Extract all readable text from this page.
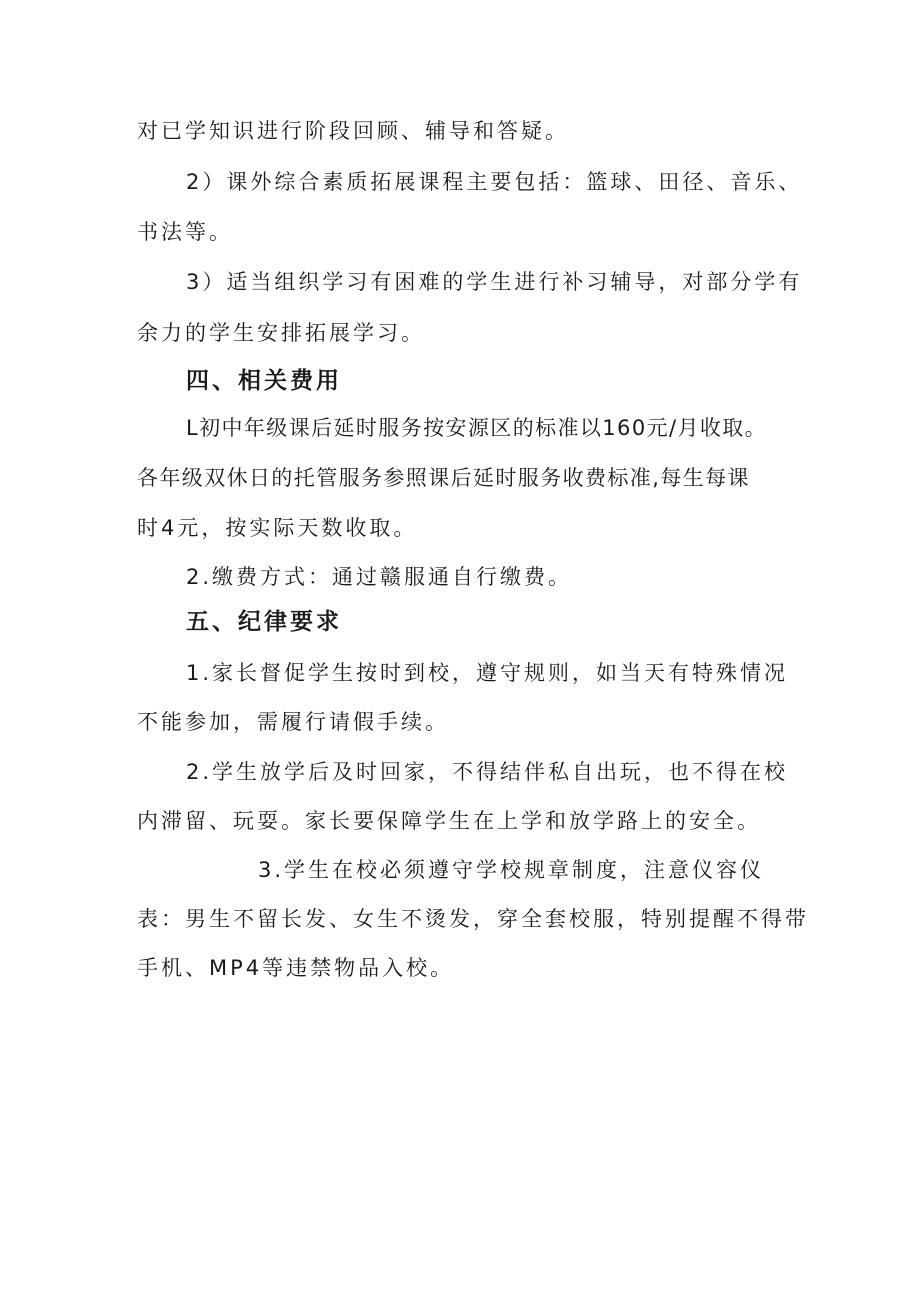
对已学知识进行阶段回顾、辅导和答疑。
2）课外综合素质拓展课程主要包括：篮球、田径、音乐、
书法等。
3）适当组织学习有困难的学生进行补习辅导，对部分学有
余力的学生安排拓展学习。
四、相关费用
L初中年级课后延时服务按安源区的标准以160元/月收取。
各年级双休日的托管服务参照课后延时服务收费标准,每生每课
时4元，按实际天数收取。
2.缴费方式：通过赣服通自行缴费。
五、纪律要求
1.家长督促学生按时到校，遵守规则，如当天有特殊情况
不能参加，需履行请假手续。
2.学生放学后及时回家，不得结伴私自出玩，也不得在校
内滞留、玩耍。家长要保障学生在上学和放学路上的安全。
3.学生在校必须遵守学校规章制度，注意仪容仪
表：男生不留长发、女生不烫发，穿全套校服，特别提醒不得带
手机、MP4等违禁物品入校。
